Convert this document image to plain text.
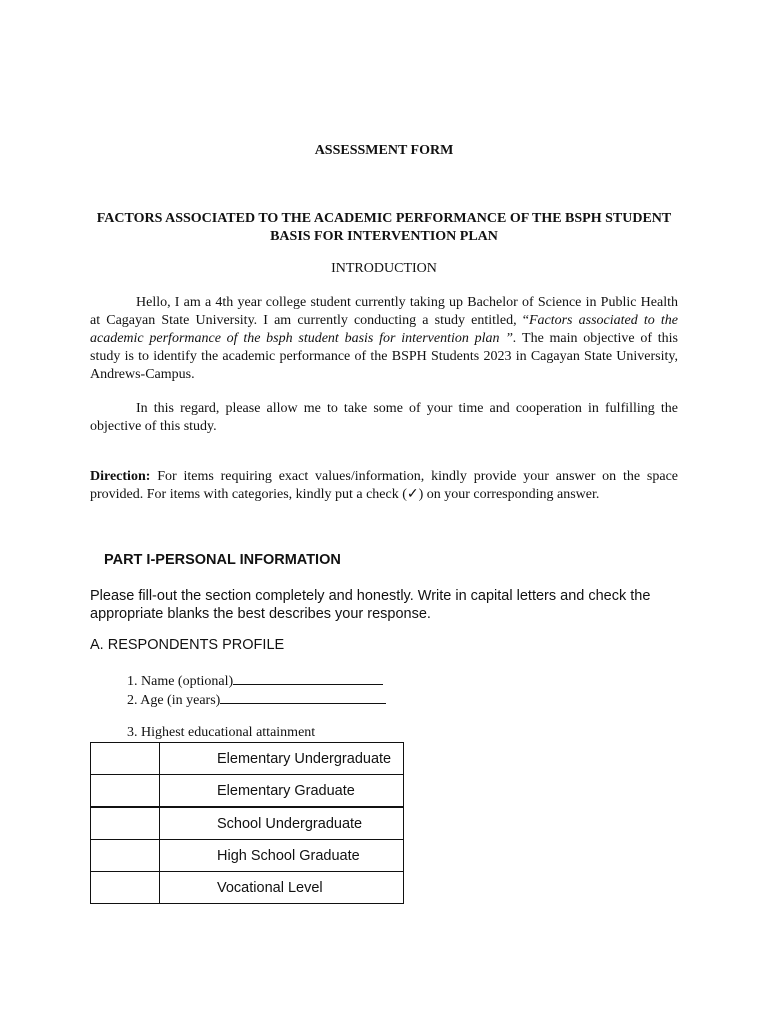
ASSESSMENT FORM
FACTORS ASSOCIATED TO THE ACADEMIC PERFORMANCE OF THE BSPH STUDENT BASIS FOR INTERVENTION PLAN
INTRODUCTION

Hello, I am a 4th year college student currently taking up Bachelor of Science in Public Health at Cagayan State University. I am currently conducting a study entitled, “Factors associated to the academic performance of the bsph student basis for intervention plan ”. The main objective of this study is to identify the academic performance of the BSPH Students 2023 in Cagayan State University, Andrews-Campus.

In this regard, please allow me to take some of your time and cooperation in fulfilling the objective of this study.

Direction: For items requiring exact values/information, kindly provide your answer on the space provided. For items with categories, kindly put a check (✓) on your corresponding answer.

PART I-PERSONAL INFORMATION

Please fill-out the section completely and honestly. Write in capital letters and check the appropriate blanks the best describes your response.

A. RESPONDENTS PROFILE
1. Name (optional)
2. Age (in years)
3. Highest educational attainment
	Elementary Undergraduate
	Elementary Graduate
	School Undergraduate
	High School Graduate
	Vocational Level
